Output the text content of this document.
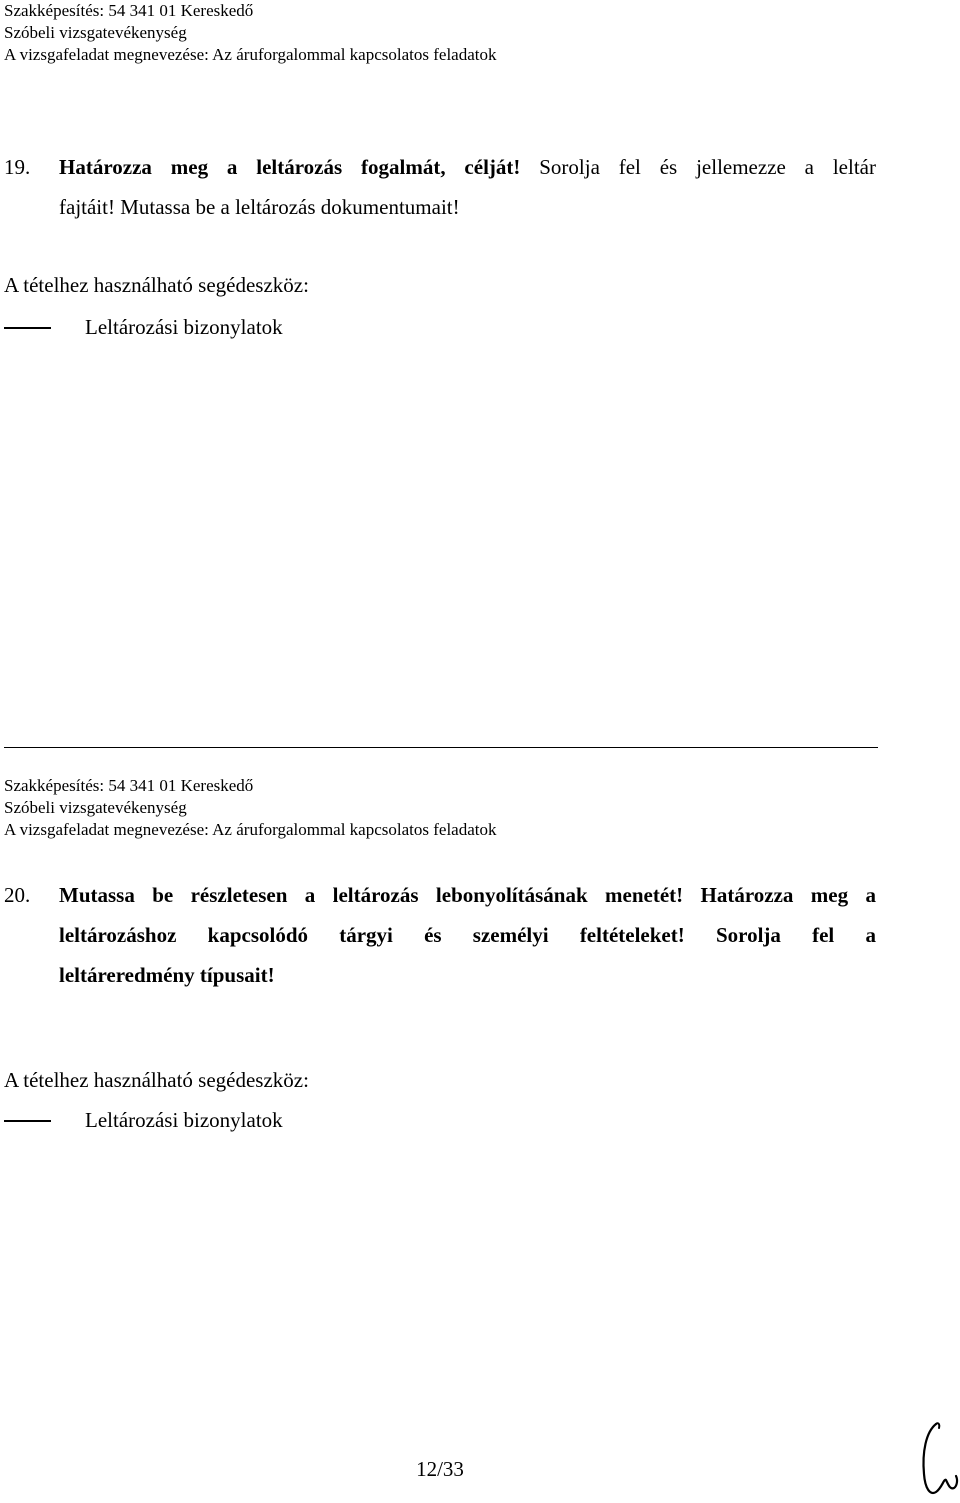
Szakképesítés: 54 341 01 Kereskedő
Szóbeli vizsgatevékenység
A vizsgafeladat megnevezése: Az áruforgalommal kapcsolatos feladatok
19.	Határozza meg a leltározás fogalmát, célját! Sorolja fel és jellemezze a leltár
fajtáit! Mutassa be a leltározás dokumentumait!
A tételhez használható segédeszköz:
Leltározási bizonylatok
Szakképesítés: 54 341 01 Kereskedő
Szóbeli vizsgatevékenység
A vizsgafeladat megnevezése: Az áruforgalommal kapcsolatos feladatok
20.	Mutassa be részletesen a leltározás lebonyolításának menetét! Határozza meg a
leltározáshoz kapcsolódó tárgyi és személyi feltételeket! Sorolja fel a
leltáreredmény típusait!
A tételhez használható segédeszköz:
Leltározási bizonylatok
12/33
